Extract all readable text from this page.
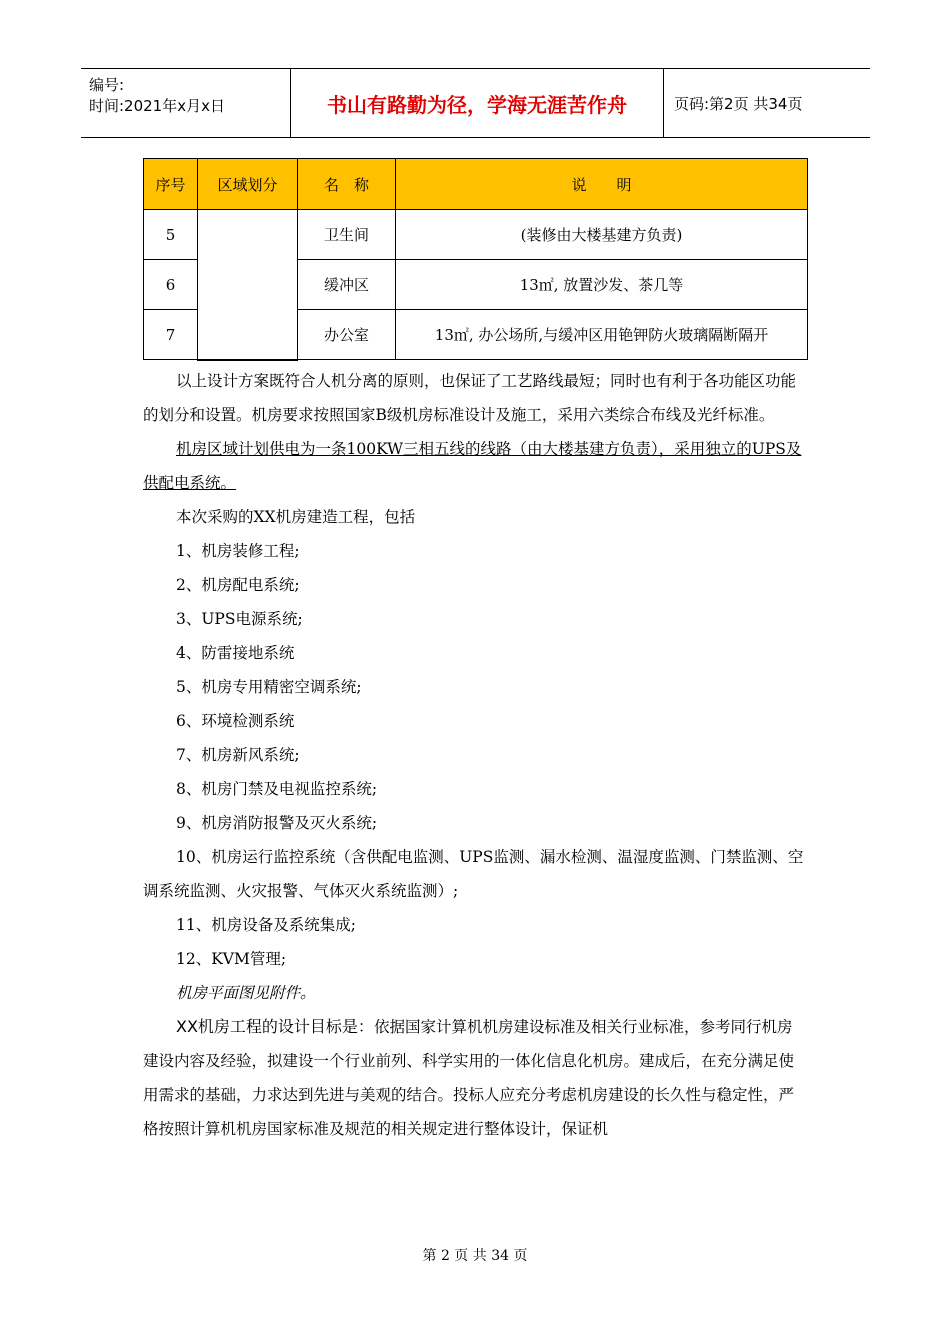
编号:
时间:2021年x月x日	书山有路勤为径，学海无涯苦作舟	页码:第2页 共34页
序号	区域划分	名　称	说　　明
5		卫生间	(装修由大楼基建方负责)
6		缓冲区	13㎡, 放置沙发、茶几等
7		办公室	13㎡, 办公场所,与缓冲区用铯钾防火玻璃隔断隔开

以上设计方案既符合人机分离的原则，也保证了工艺路线最短；同时也有利于各功能区功能的划分和设置。机房要求按照国家B级机房标准设计及施工，采用六类综合布线及光纤标准。

机房区域计划供电为一条100KW三相五线的线路（由大楼基建方负责），采用独立的UPS及供配电系统。

本次采购的XX机房建造工程，包括

1、机房装修工程;
2、机房配电系统;
3、UPS电源系统;
4、防雷接地系统
5、机房专用精密空调系统;
6、环境检测系统
7、机房新风系统;
8、机房门禁及电视监控系统;
9、机房消防报警及灭火系统;
10、机房运行监控系统（含供配电监测、UPS监测、漏水检测、温湿度监测、门禁监测、空调系统监测、火灾报警、气体灭火系统监测）;
11、机房设备及系统集成;
12、KVM管理;
机房平面图见附件。

XX机房工程的设计目标是：依据国家计算机机房建设标准及相关行业标准，参考同行机房建设内容及经验，拟建设一个行业前列、科学实用的一体化信息化机房。建成后，在充分满足使用需求的基础，力求达到先进与美观的结合。投标人应充分考虑机房建设的长久性与稳定性，严格按照计算机机房国家标准及规范的相关规定进行整体设计，保证机

第 2 页 共 34 页
